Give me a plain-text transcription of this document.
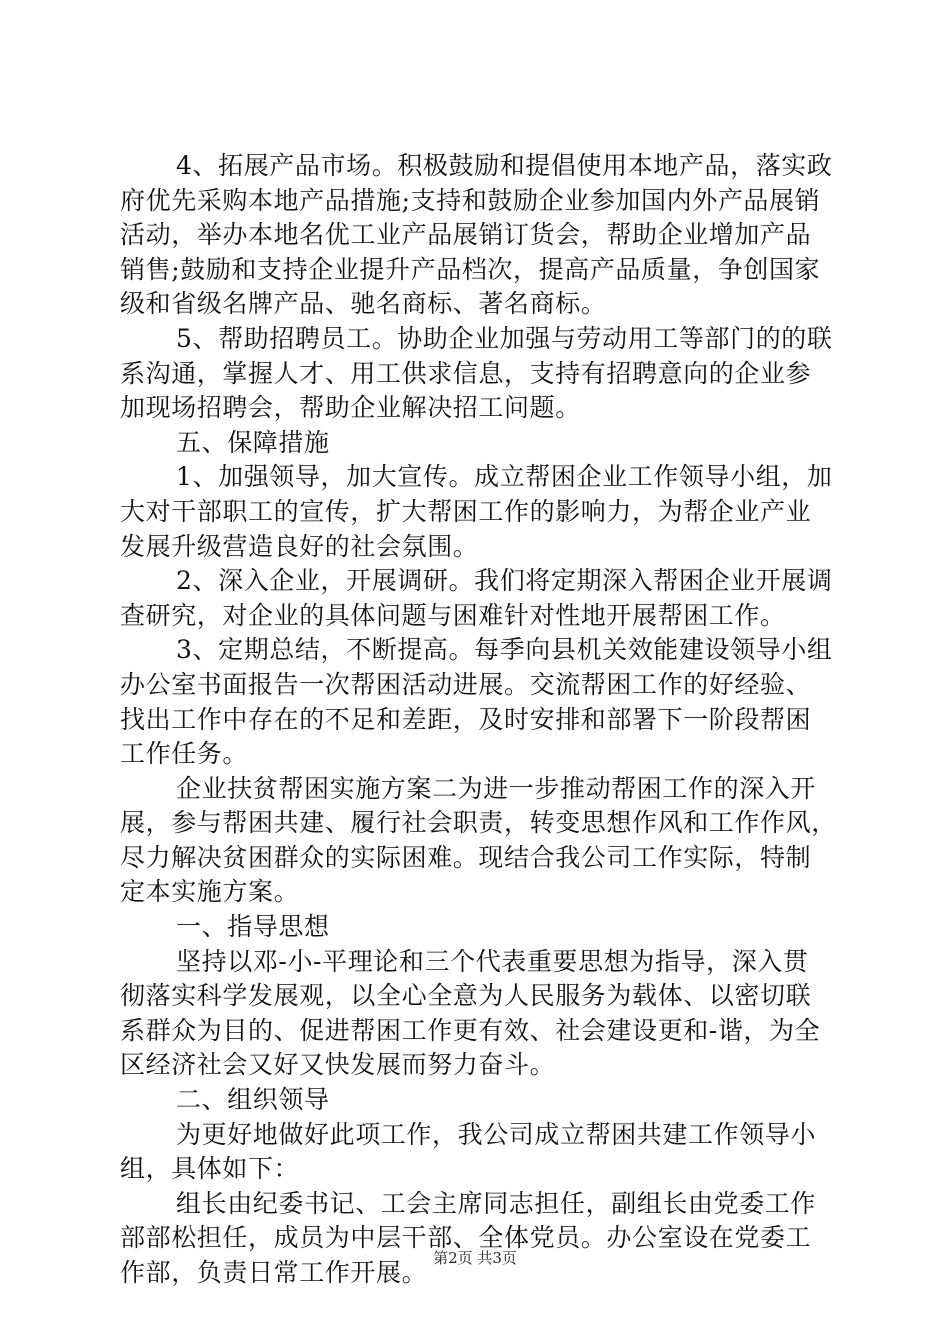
4、拓展产品市场。积极鼓励和提倡使用本地产品，落实政
府优先采购本地产品措施;支持和鼓励企业参加国内外产品展销
活动，举办本地名优工业产品展销订货会，帮助企业增加产品
销售;鼓励和支持企业提升产品档次，提高产品质量，争创国家
级和省级名牌产品、驰名商标、著名商标。
5、帮助招聘员工。协助企业加强与劳动用工等部门的的联
系沟通，掌握人才、用工供求信息，支持有招聘意向的企业参
加现场招聘会，帮助企业解决招工问题。
五、保障措施
1、加强领导，加大宣传。成立帮困企业工作领导小组，加
大对干部职工的宣传，扩大帮困工作的影响力，为帮企业产业
发展升级营造良好的社会氛围。
2、深入企业，开展调研。我们将定期深入帮困企业开展调
查研究，对企业的具体问题与困难针对性地开展帮困工作。
3、定期总结，不断提高。每季向县机关效能建设领导小组
办公室书面报告一次帮困活动进展。交流帮困工作的好经验、
找出工作中存在的不足和差距，及时安排和部署下一阶段帮困
工作任务。
企业扶贫帮困实施方案二为进一步推动帮困工作的深入开
展，参与帮困共建、履行社会职责，转变思想作风和工作作风，
尽力解决贫困群众的实际困难。现结合我公司工作实际，特制
定本实施方案。
一、指导思想
坚持以邓-小-平理论和三个代表重要思想为指导，深入贯
彻落实科学发展观，以全心全意为人民服务为载体、以密切联
系群众为目的、促进帮困工作更有效、社会建设更和-谐，为全
区经济社会又好又快发展而努力奋斗。
二、组织领导
为更好地做好此项工作，我公司成立帮困共建工作领导小
组，具体如下：
组长由纪委书记、工会主席同志担任，副组长由党委工作
部部松担任，成员为中层干部、全体党员。办公室设在党委工
作部，负责日常工作开展。 第2页 共3页
